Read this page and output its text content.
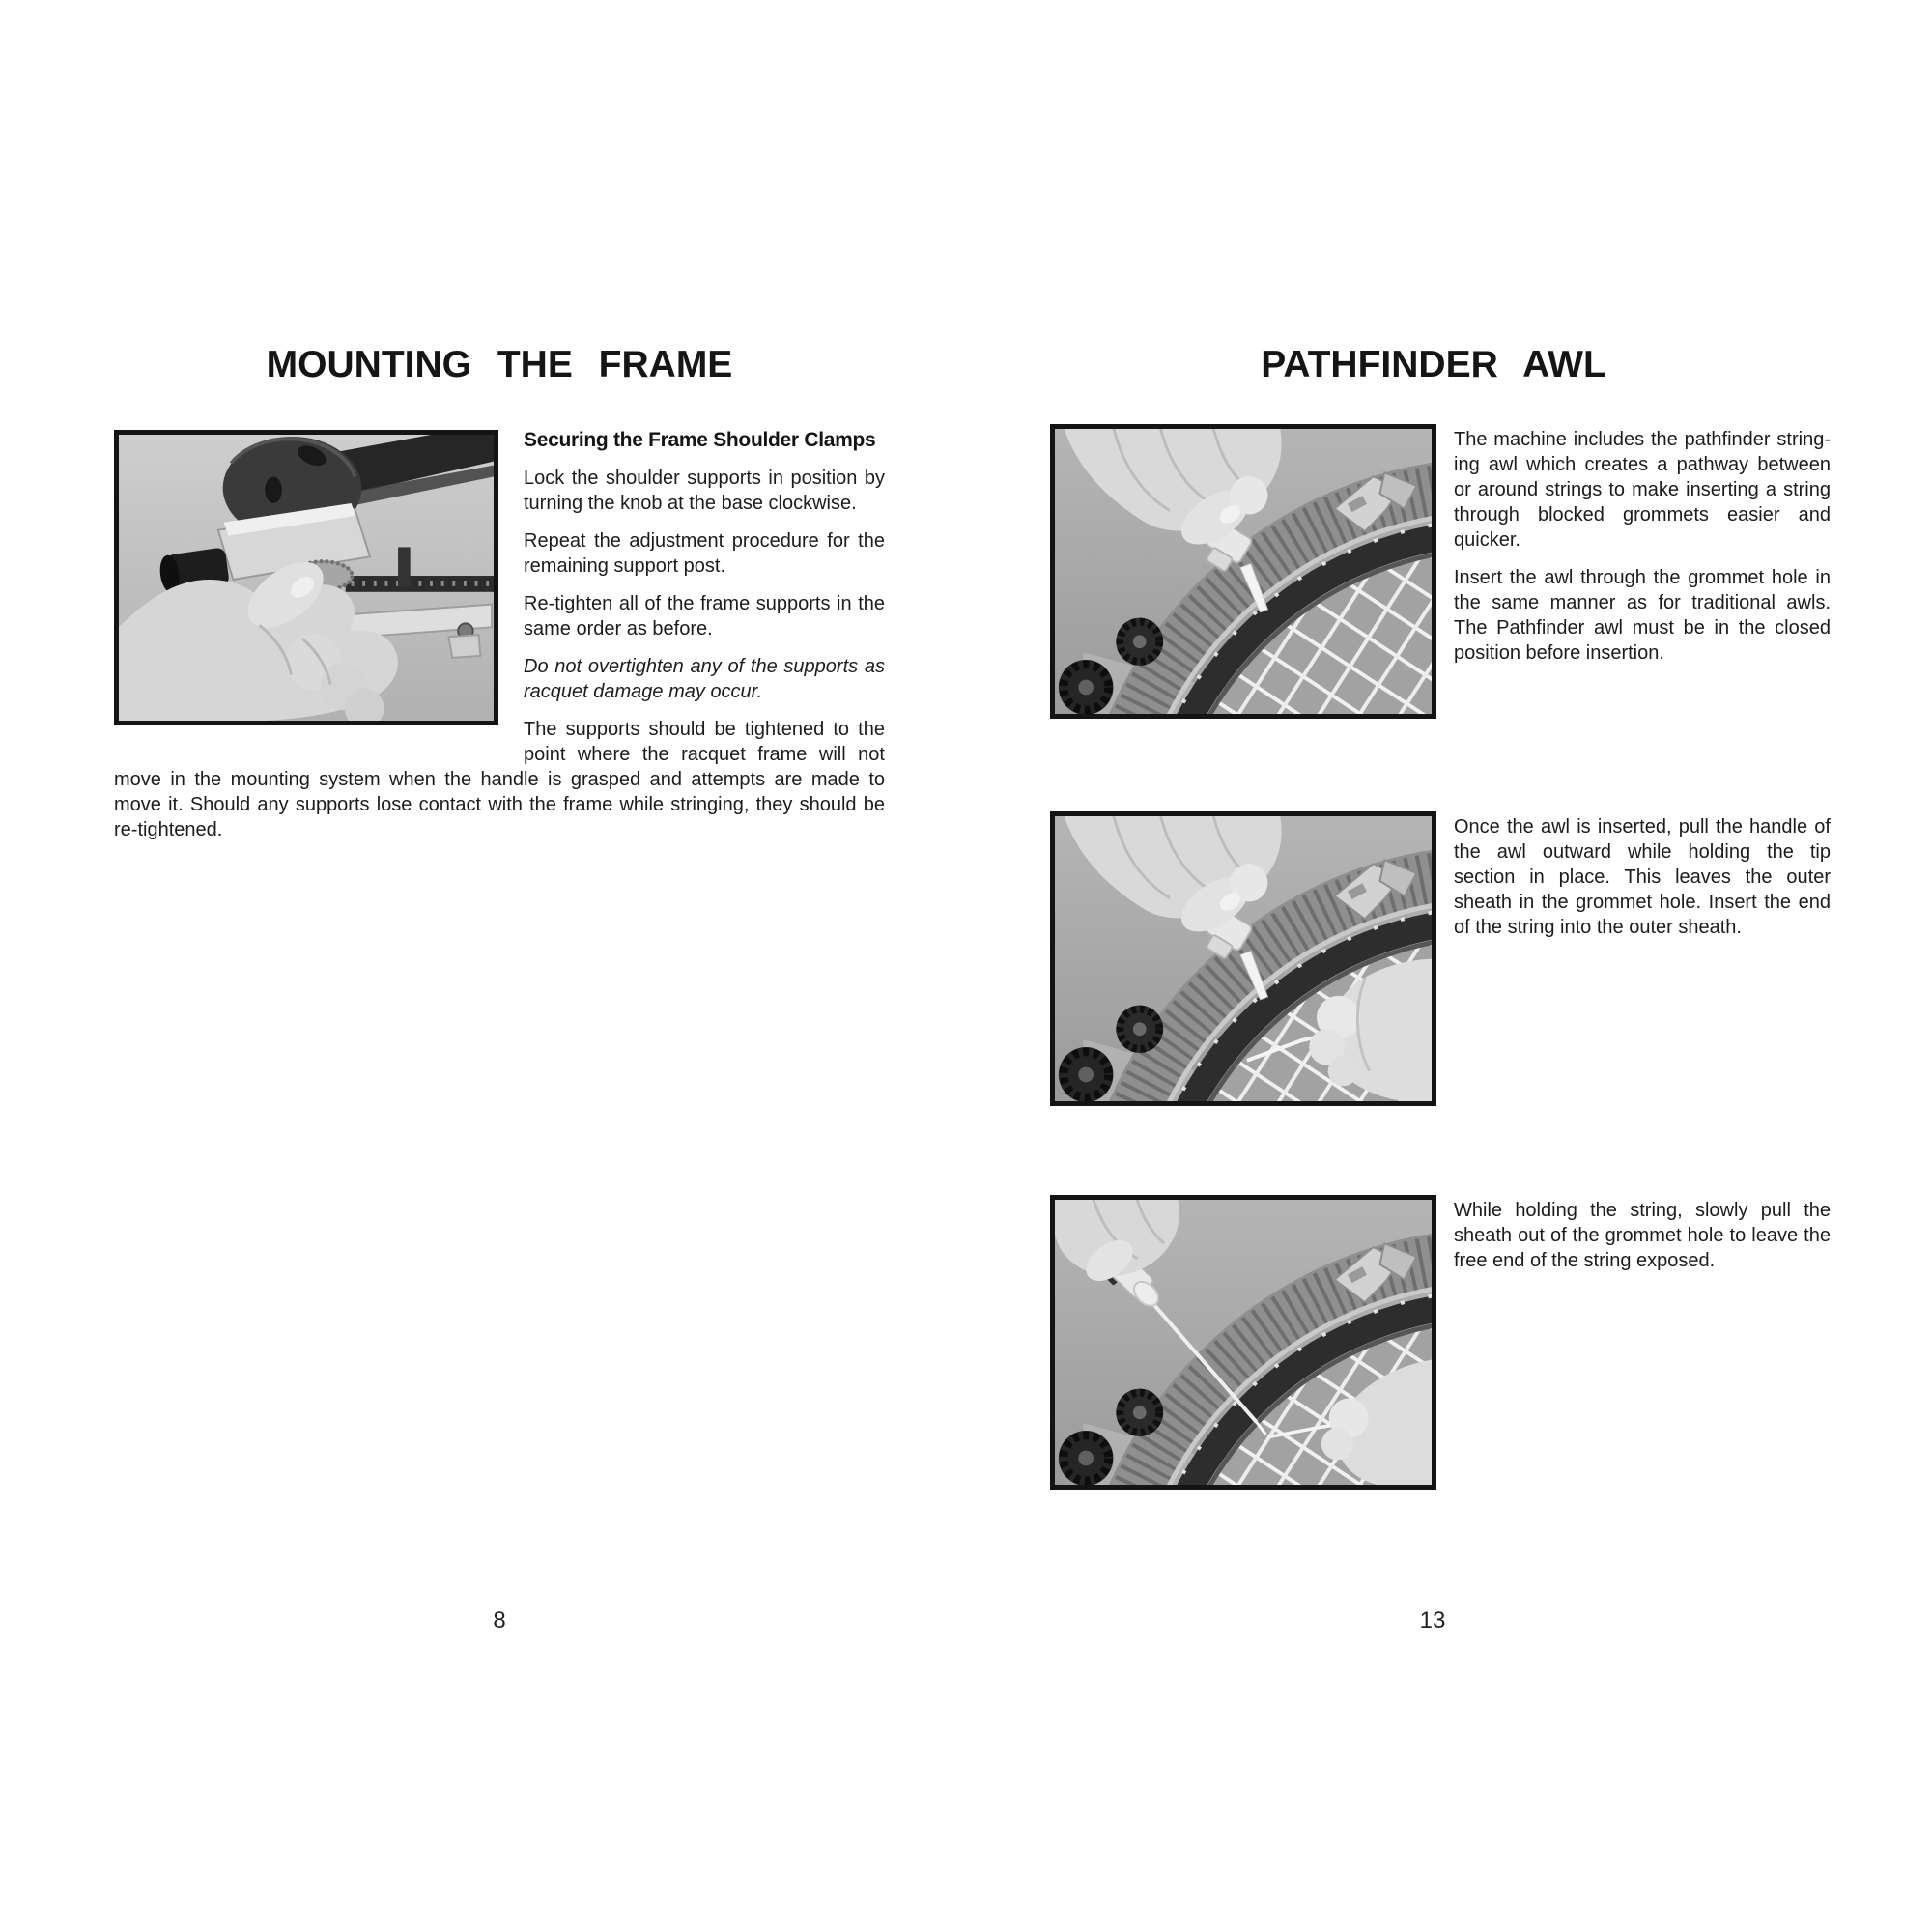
MOUNTING THE FRAME
Securing the Frame Shoulder Clamps

Lock the shoulder supports in position by turning the knob at the base clockwise.

Repeat the adjustment procedure for the remaining support post.

Re-tighten all of the frame supports in the same order as before.

Do not overtighten any of the supports as racquet damage may occur.

The supports should be tightened to the point where the racquet frame will not move in the mounting system when the handle is grasped and attempts are made to move it. Should any supports lose contact with the frame while stringing, they should be re-tightened.

8
PATHFINDER AWL

The machine includes the pathfinder stringing awl which creates a pathway between or around strings to make inserting a string through blocked grommets easier and quicker.

Insert the awl through the grommet hole in the same manner as for traditional awls. The Pathfinder awl must be in the closed position before insertion.

Once the awl is inserted, pull the handle of the awl outward while holding the tip section in place. This leaves the outer sheath in the grommet hole. Insert the end of the string into the outer sheath.

While holding the string, slowly pull the sheath out of the grommet hole to leave the free end of the string exposed.

13
